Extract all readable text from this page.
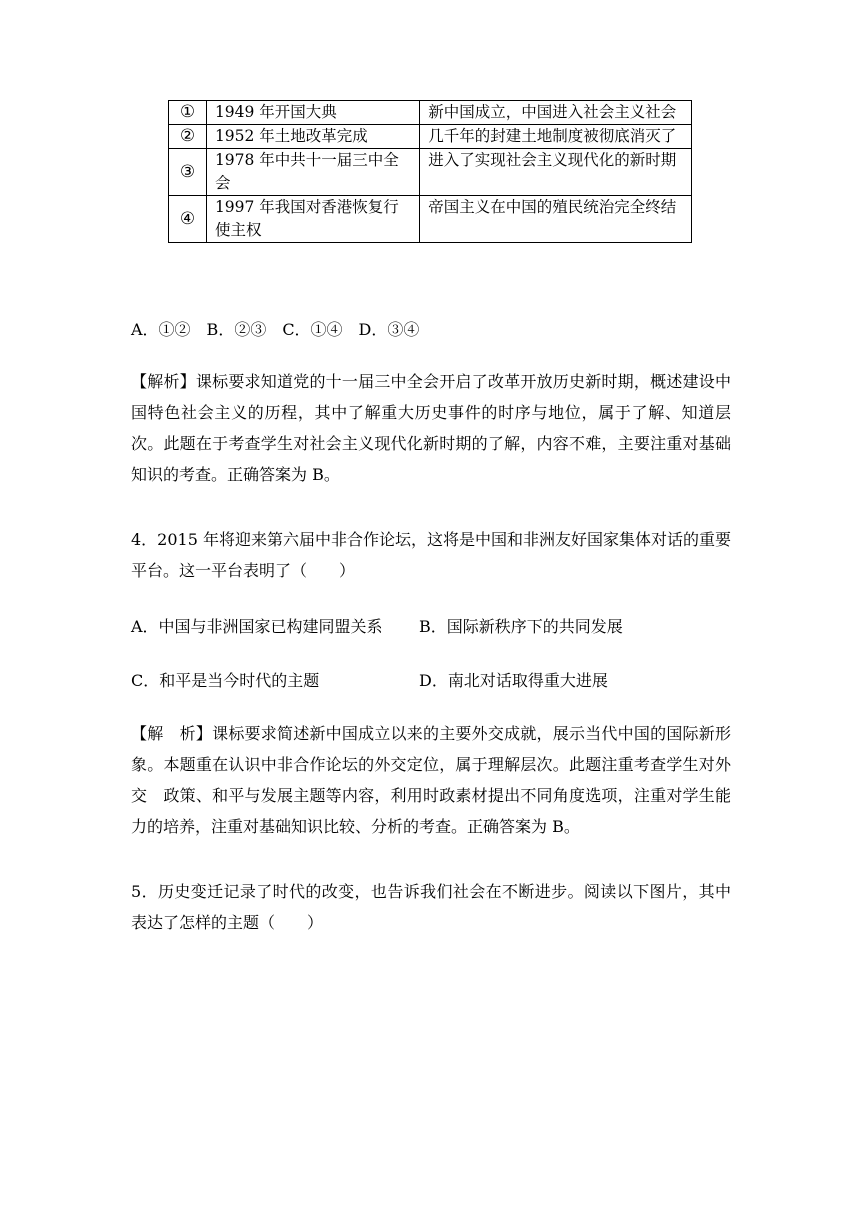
①	1949 年开国大典	新中国成立，中国进入社会主义社会
②	1952 年土地改革完成	几千年的封建土地制度被彻底消灭了
③	1978 年中共十一届三中全会	进入了实现社会主义现代化的新时期
④	1997 年我国对香港恢复行使主权	帝国主义在中国的殖民统治完全终结
A．①②　B．②③　C．①④　D．③④
【解析】课标要求知道党的十一届三中全会开启了改革开放历史新时期，概述建设中国特色社会主义的历程，其中了解重大历史事件的时序与地位，属于了解、知道层次。此题在于考查学生对社会主义现代化新时期的了解，内容不难，主要注重对基础知识的考查。正确答案为 B。
4．2015 年将迎来第六届中非合作论坛，这将是中国和非洲友好国家集体对话的重要平台。这一平台表明了（　　）
A．中国与非洲国家已构建同盟关系 B．国际新秩序下的共同发展
C．和平是当今时代的主题	D．南北对话取得重大进展
【解　析】课标要求简述新中国成立以来的主要外交成就，展示当代中国的国际新形象。本题重在认识中非合作论坛的外交定位，属于理解层次。此题注重考查学生对外交　政策、和平与发展主题等内容，利用时政素材提出不同角度选项，注重对学生能力的培养，注重对基础知识比较、分析的考查。正确答案为 B。
5．历史变迁记录了时代的改变，也告诉我们社会在不断进步。阅读以下图片，其中表达了怎样的主题（　　）
